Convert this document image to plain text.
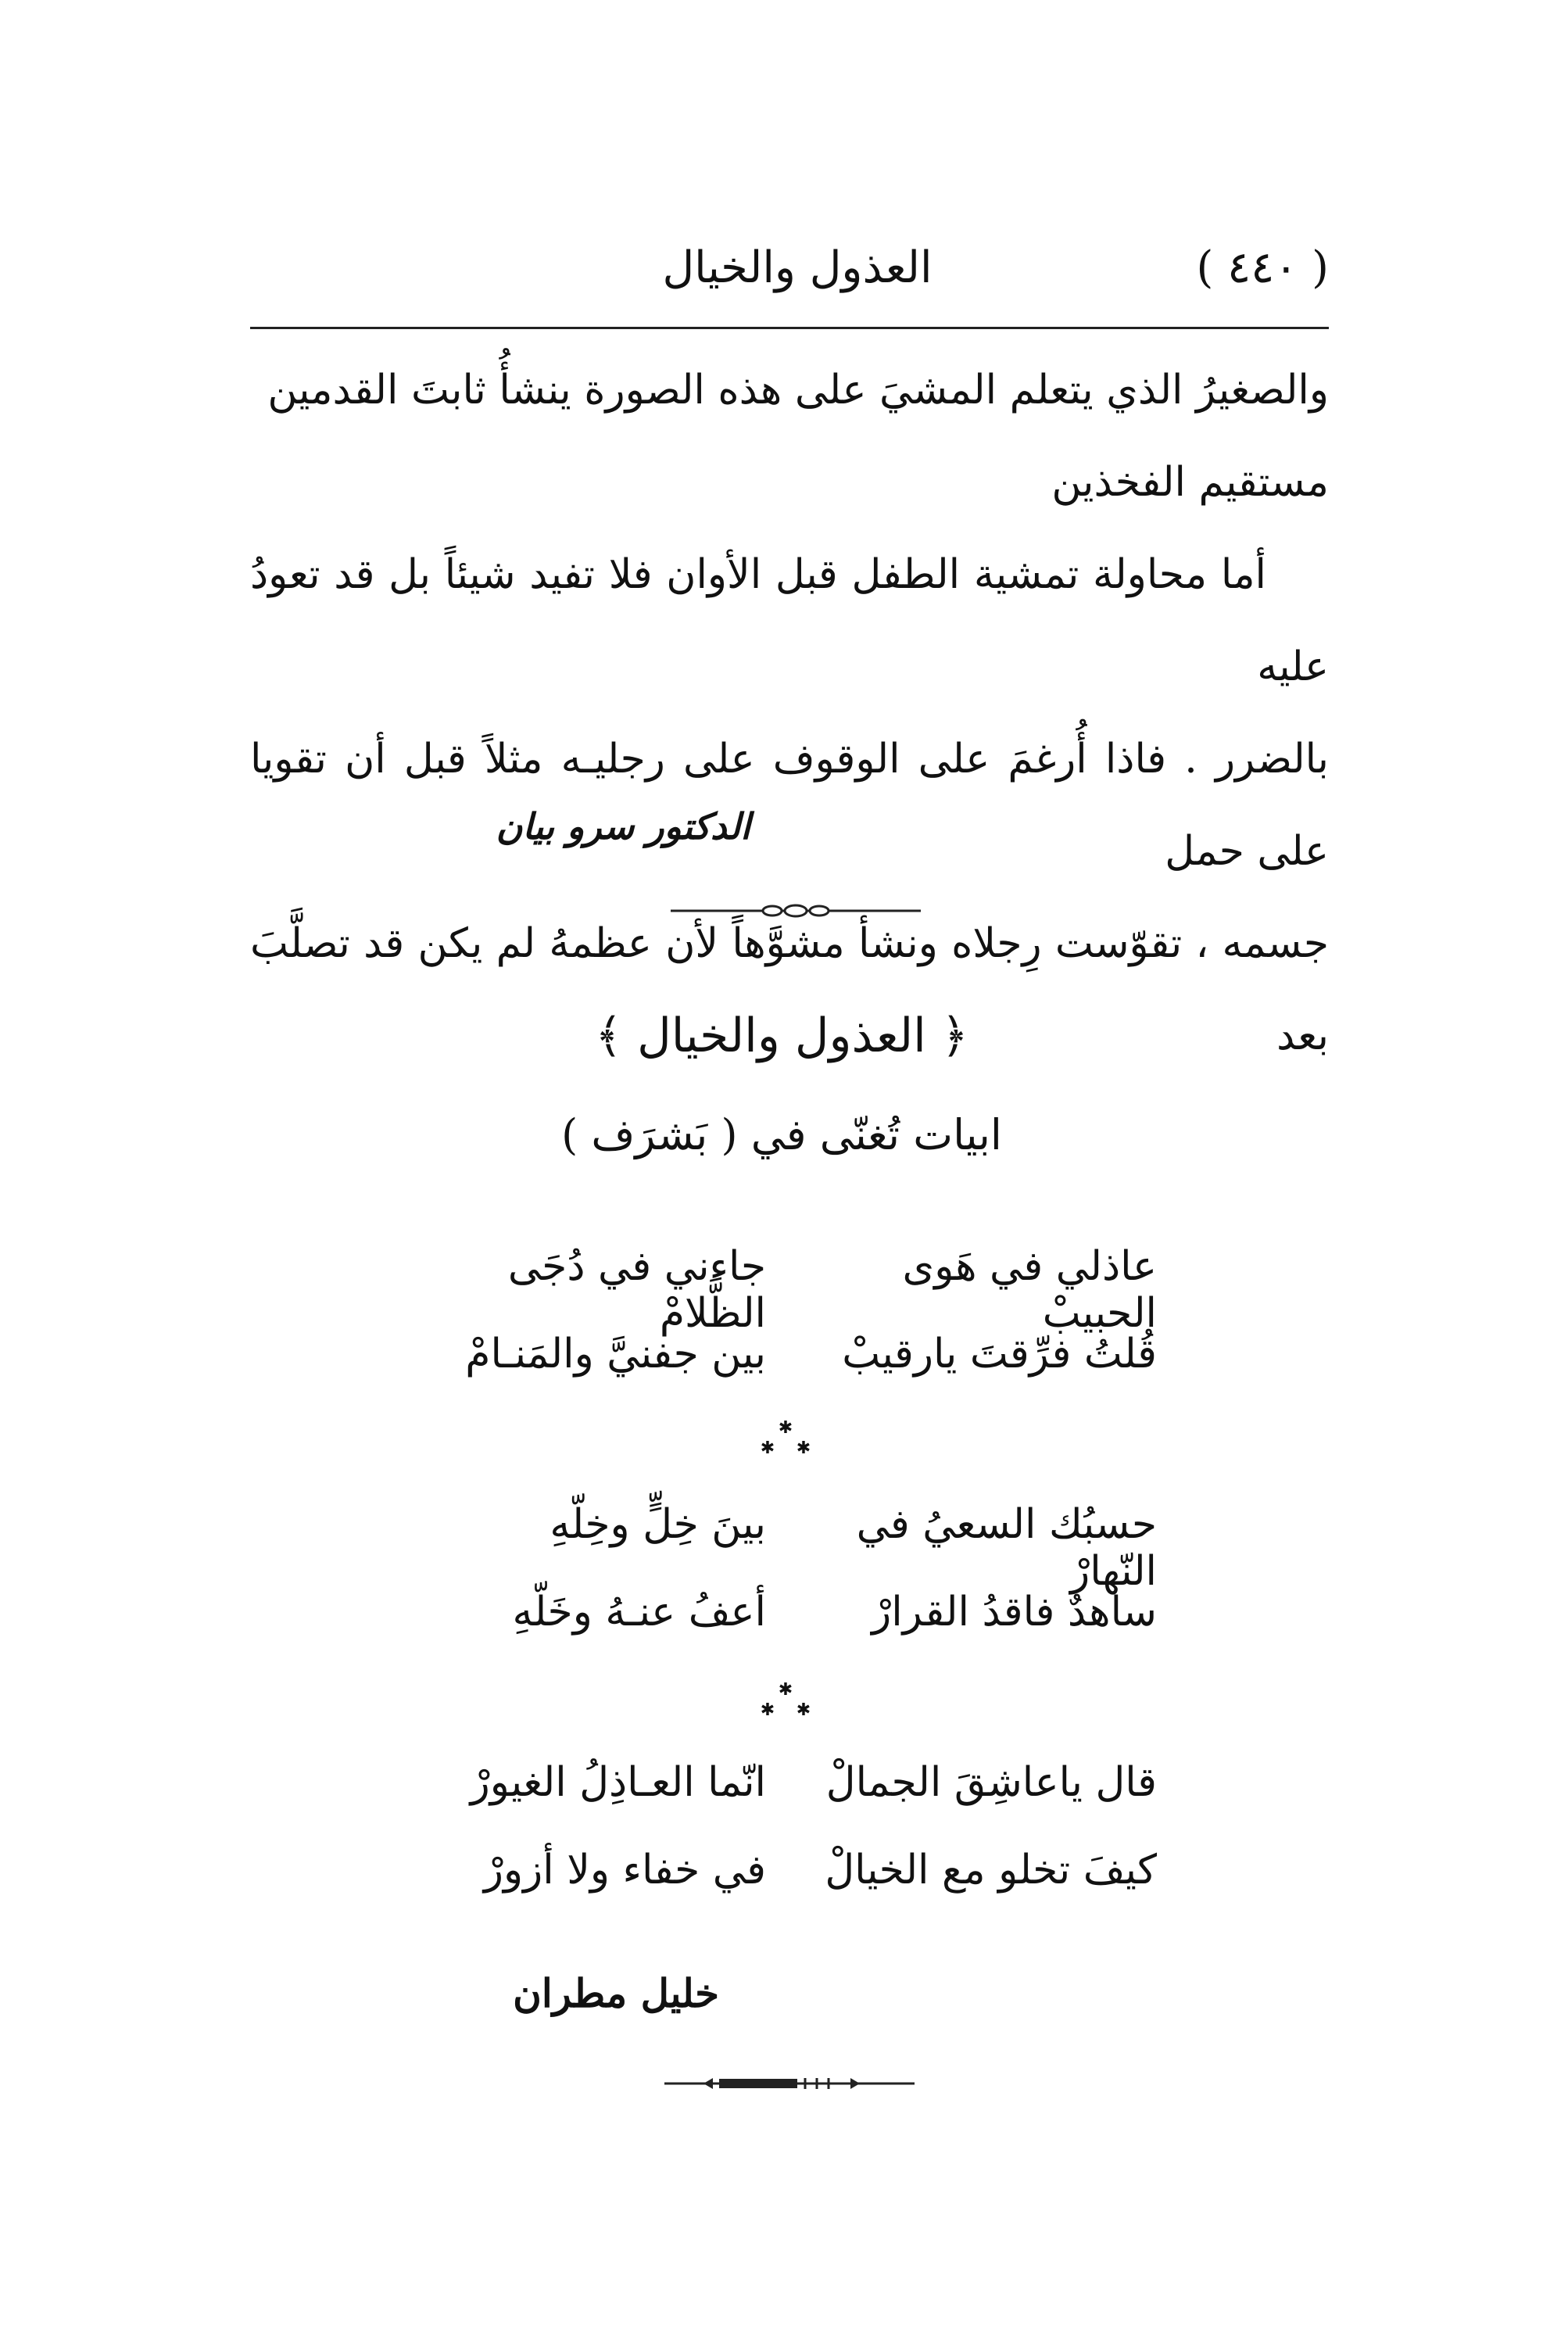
( ٤٤٠ )
العذول والخيال

والصغيرُ الذي يتعلم المشيَ على هذه الصورة ينشأُ ثابتَ القدمين

مستقيم الفخذين

أما محاولة تمشية الطفل قبل الأوان فلا تفيد شيئاً بل قد تعودُ عليه

بالضرر . فاذا أُرغمَ على الوقوف على رجليـه مثلاً قبل أن تقويا على حمل

جسمه ، تقوّست رِجلاه ونشأ مشوَّهاً لأن عظمهُ لم يكن قد تصلَّبَ بعد

الدكتور سرو بيان
﴿ العذول والخيال ﴾
ابيات تُغنّى في ( بَشرَف )
عاذلي في هَوى الحبيبْ
جاءني في دُجَى الظَّلامْ
قُلتُ فرِّقتَ يارقيبْ
بين جفنيَّ والمَنـامْ
✱
✱ ✱
حسبُك السعيُ في النّهارْ
بينَ خِلٍّ وخِلّهِ
ساهدٌ فاقدُ القرارْ
أعفُ عنـهُ وخَلّهِ
✱
✱ ✱
قال ياعاشِقَ الجمالْ
انّما العـاذِلُ الغيورْ
كيفَ تخلو مع الخيالْ
في خفاء ولا أزورْ
خليل مطران
